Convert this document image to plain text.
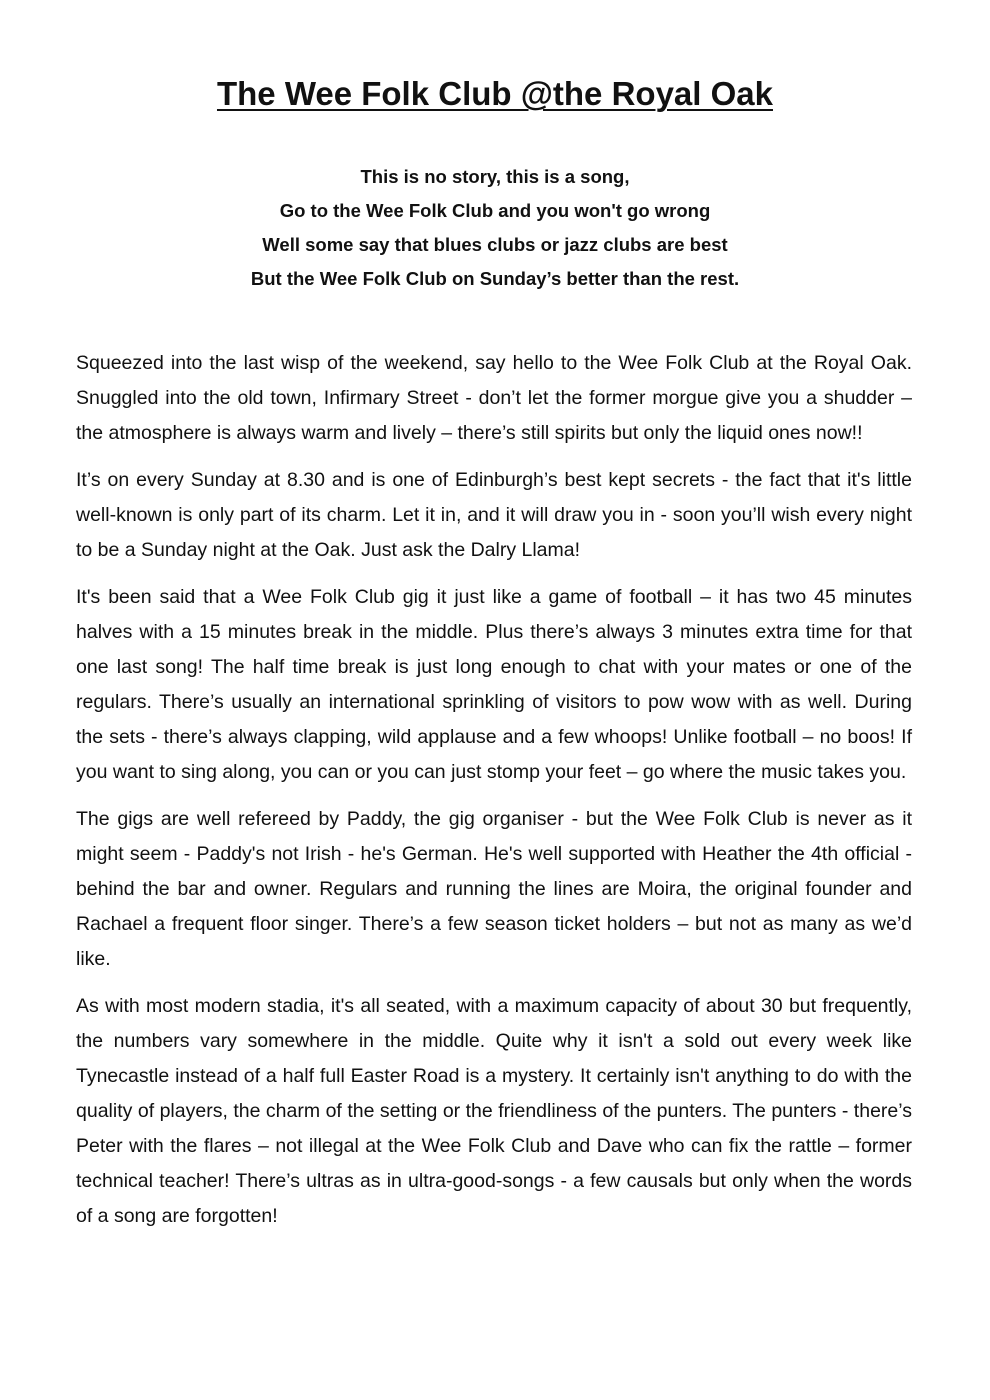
The Wee Folk Club @the Royal Oak
This is no story, this is a song,
Go to the Wee Folk Club and you won't go wrong
Well some say that blues clubs or jazz clubs are best
But the Wee Folk Club on Sunday’s better than the rest.

Squeezed into the last wisp of the weekend, say hello to the Wee Folk Club at the Royal Oak. Snuggled into the old town, Infirmary Street - don’t let the former morgue give you a shudder – the atmosphere is always warm and lively – there’s still spirits but only the liquid ones now!!

It’s on every Sunday at 8.30 and is one of Edinburgh’s best kept secrets - the fact that it's little well-known is only part of its charm. Let it in, and it will draw you in - soon you’ll wish every night to be a Sunday night at the Oak. Just ask the Dalry Llama!

It's been said that a Wee Folk Club gig it just like a game of football – it has two 45 minutes halves with a 15 minutes break in the middle. Plus there’s always 3 minutes extra time for that one last song! The half time break is just long enough to chat with your mates or one of the regulars. There’s usually an international sprinkling of visitors to pow wow with as well. During the sets - there’s always clapping, wild applause and a few whoops! Unlike football – no boos! If you want to sing along, you can or you can just stomp your feet – go where the music takes you.

The gigs are well refereed by Paddy, the gig organiser - but the Wee Folk Club is never as it might seem - Paddy's not Irish - he's German. He's well supported with Heather the 4th official - behind the bar and owner. Regulars and running the lines are Moira, the original founder and Rachael a frequent floor singer. There’s a few season ticket holders – but not as many as we’d like.

As with most modern stadia, it's all seated, with a maximum capacity of about 30 but frequently, the numbers vary somewhere in the middle. Quite why it isn't a sold out every week like Tynecastle instead of a half full Easter Road is a mystery. It certainly isn't anything to do with the quality of players, the charm of the setting or the friendliness of the punters. The punters - there’s Peter with the flares – not illegal at the Wee Folk Club and Dave who can fix the rattle – former technical teacher! There’s ultras as in ultra-good-songs - a few causals but only when the words of a song are forgotten!
